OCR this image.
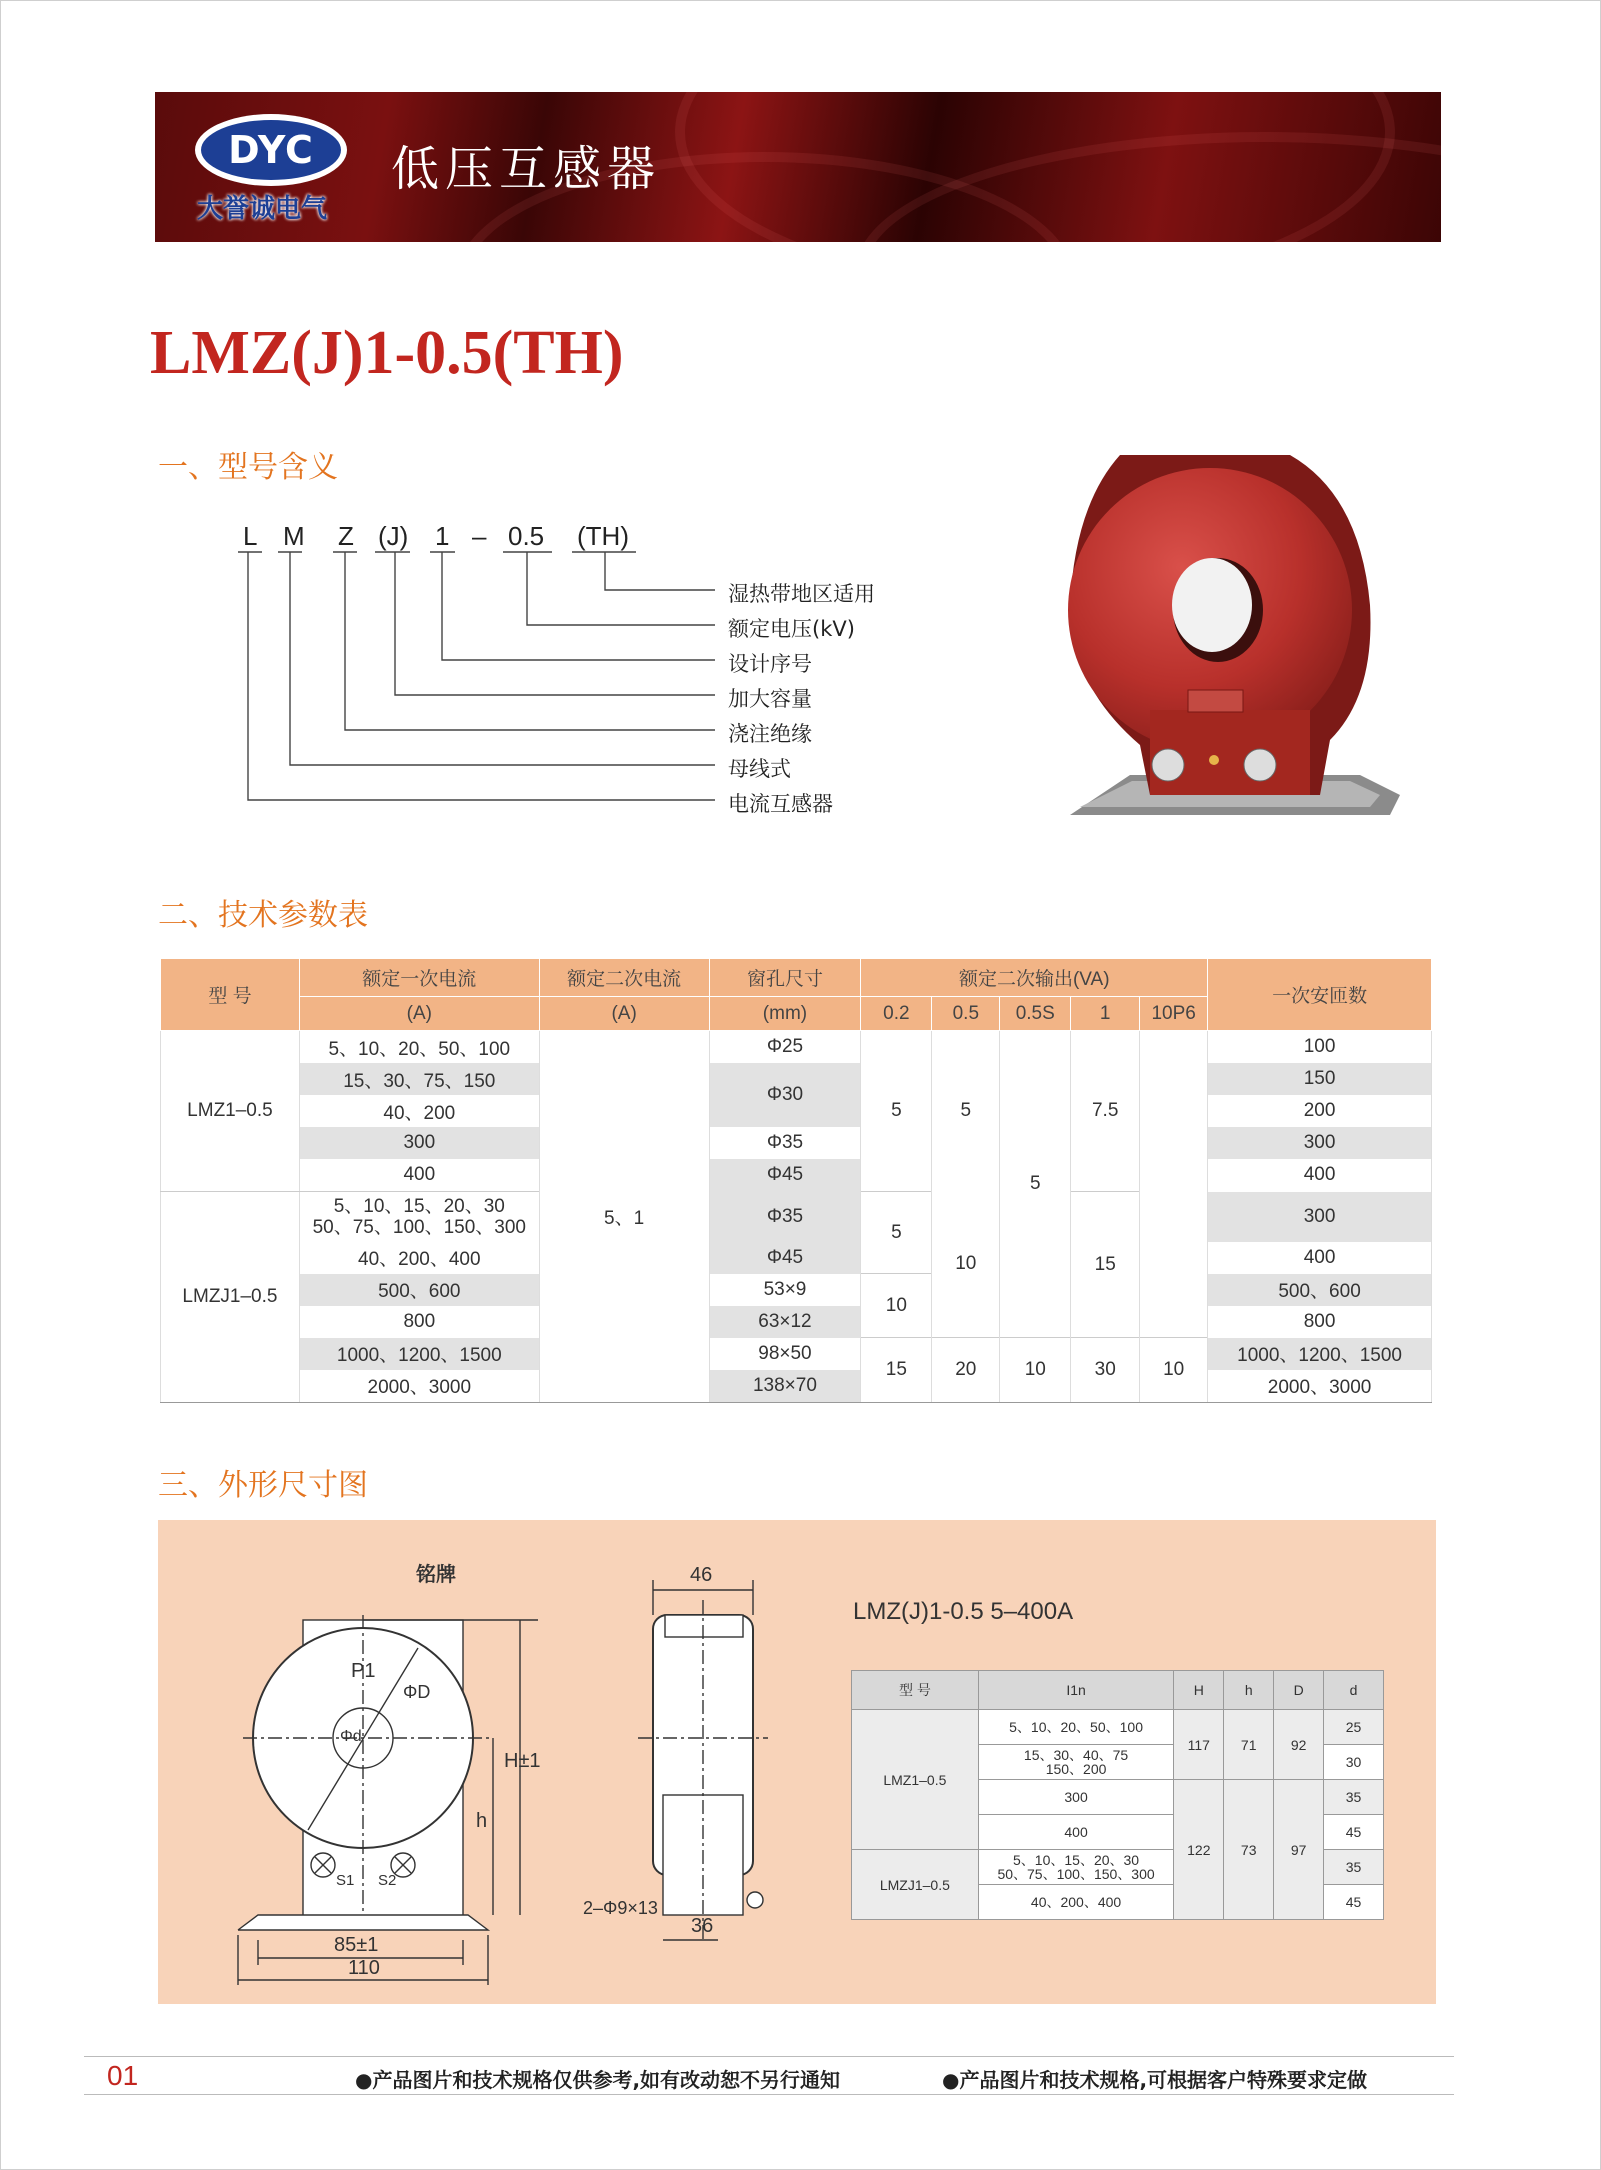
DYC
大誉诚电气
低压互感器
LMZ(J)1-0.5(TH)
一、型号含义
L M Z (J) 1 – 0.5 (TH)
湿热带地区适用
额定电压(kV)
设计序号
加大容量
浇注绝缘
母线式
电流互感器
二、技术参数表
型 号	额定一次电流	额定二次电流	窗孔尺寸	额定二次输出(VA)					一次安匝数
	(A)	(A)	(mm)	0.2	0.5	0.5S	1	10P6	
LMZ1–0.5	5、10、20、50、100	5、1	Φ25	5	5	5	7.5		100
	15、30、75、150		Φ30						150
	40、200								200
	300		Φ35						300
	400		Φ45						400
LMZJ1–0.5	5、10、15、20、30
50、75、100、150、300		Φ35	5	10		15		300
	40、200、400		Φ45						400
	500、600		53×9	10					500、600
	800		63×12						800
	1000、1200、1500		98×50	15	20	10	30	10	1000、1200、1500
	2000、3000		138×70						2000、3000
三、外形尺寸图
铭牌
P1
ΦD
Φd
h
H±1
S1 S2
85±1
110
46
2–Φ9×13
36
LMZ(J)1-0.5 5–400A
型 号	I1n	H	h	D	d
LMZ1–0.5	5、10、20、50、100	117	71	92	25
	15、30、40、75
150、200				30
	300	122	73	97	35
	400				45
LMZJ1–0.5	5、10、15、20、30
50、75、100、150、300				35
	40、200、400				45
01	●产品图片和技术规格仅供参考,如有改动恕不另行通知	●产品图片和技术规格,可根据客户特殊要求定做
